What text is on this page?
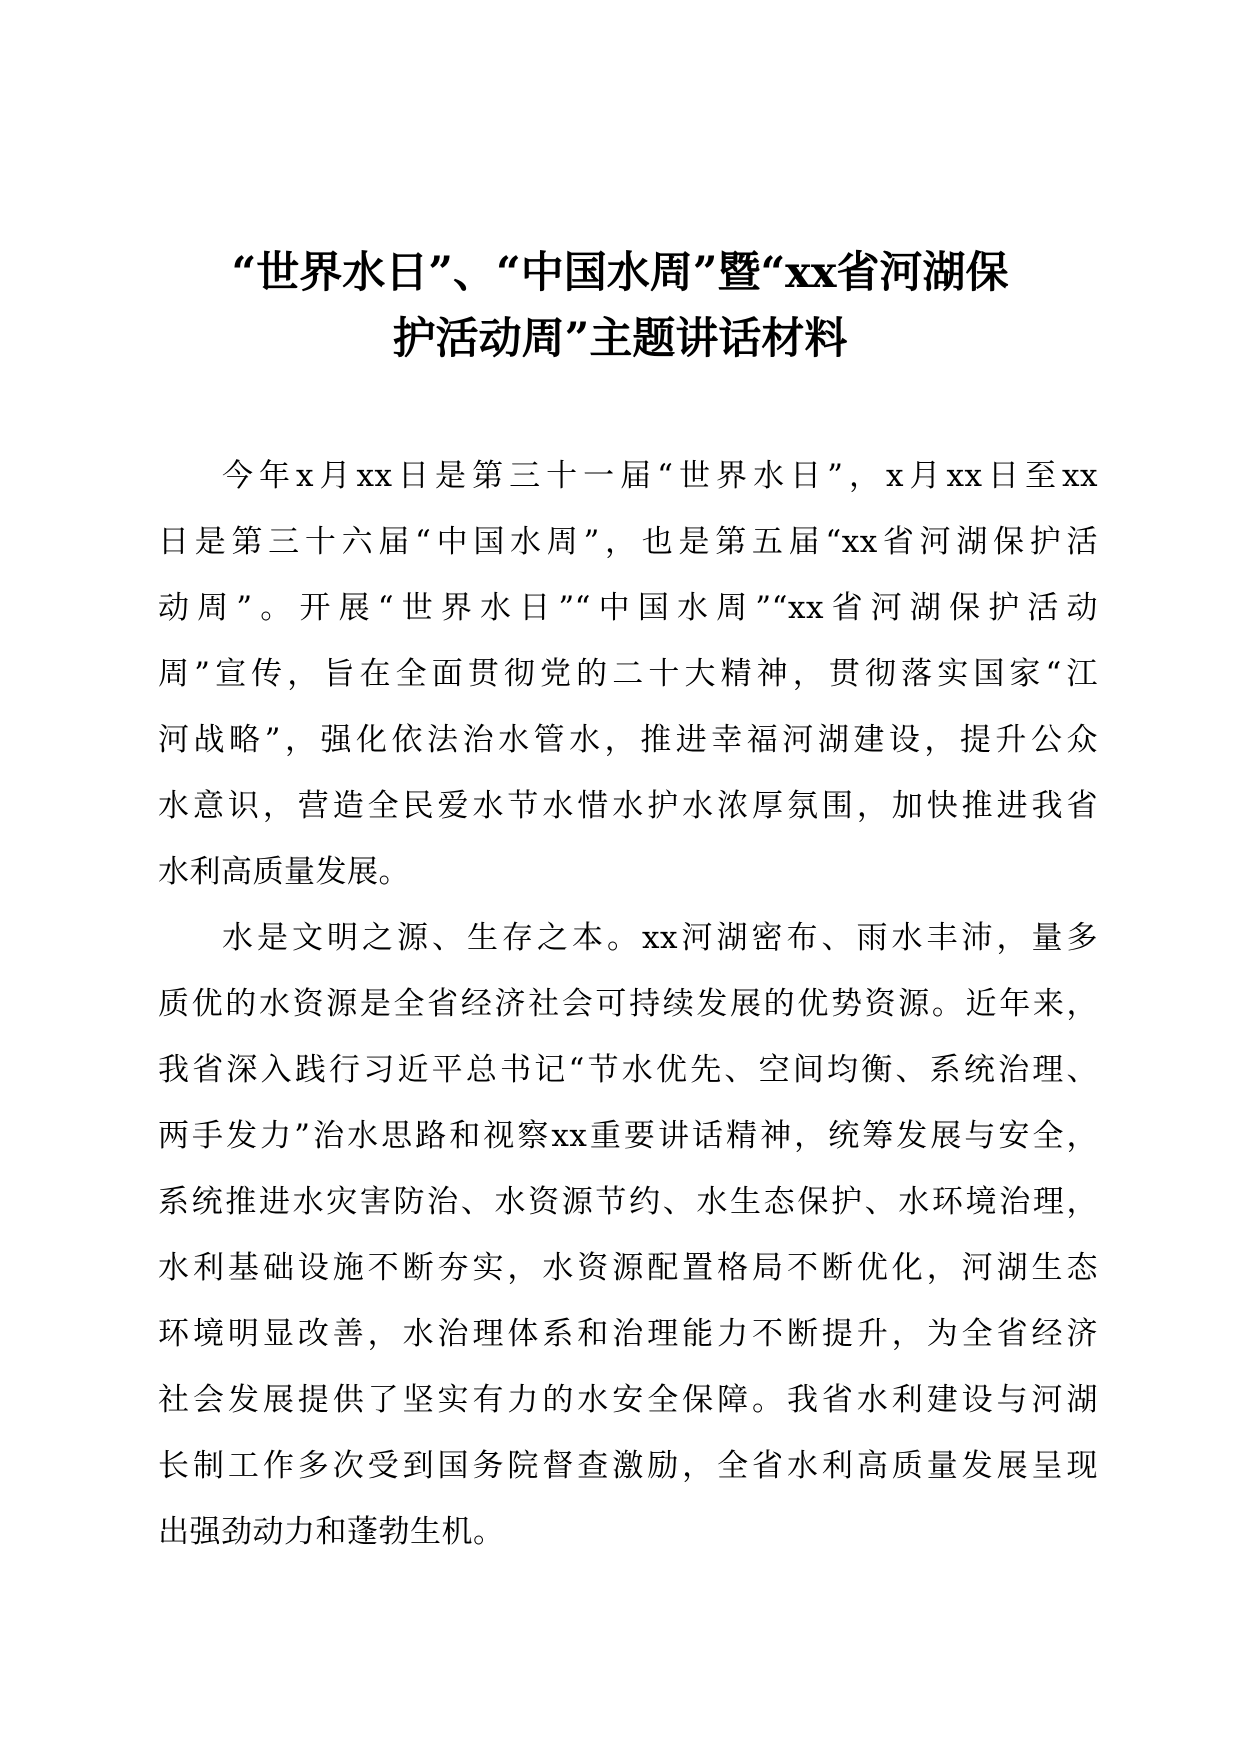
“世界水日”、“中国水周”暨“xx省河湖保
护活动周”主题讲话材料
今年x月xx日是第三十一届“世界水日”，x月xx日至xx
日是第三十六届“中国水周”，也是第五届“xx省河湖保护活
动周”。开展“世界水日”“中国水周”“xx省河湖保护活动
周”宣传，旨在全面贯彻党的二十大精神，贯彻落实国家“江
河战略”，强化依法治水管水，推进幸福河湖建设，提升公众
水意识，营造全民爱水节水惜水护水浓厚氛围，加快推进我省
水利高质量发展。
水是文明之源、生存之本。xx河湖密布、雨水丰沛，量多
质优的水资源是全省经济社会可持续发展的优势资源。近年来，
我省深入践行习近平总书记“节水优先、空间均衡、系统治理、
两手发力”治水思路和视察xx重要讲话精神，统筹发展与安全，
系统推进水灾害防治、水资源节约、水生态保护、水环境治理，
水利基础设施不断夯实，水资源配置格局不断优化，河湖生态
环境明显改善，水治理体系和治理能力不断提升，为全省经济
社会发展提供了坚实有力的水安全保障。我省水利建设与河湖
长制工作多次受到国务院督查激励，全省水利高质量发展呈现
出强劲动力和蓬勃生机。
